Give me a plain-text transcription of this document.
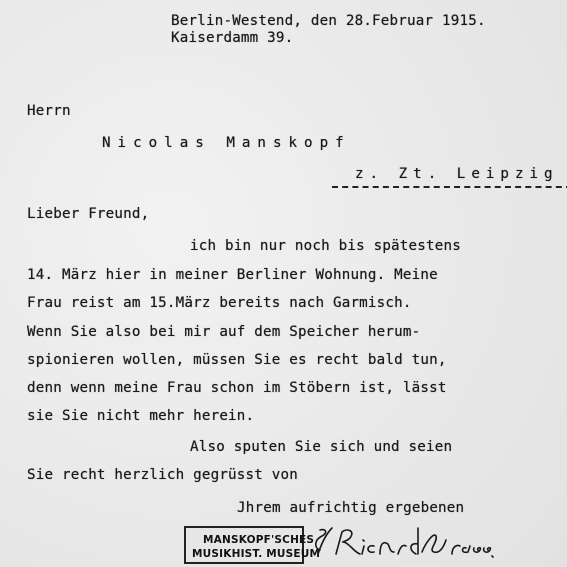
Berlin-Westend, den 28.Februar 1915.
Kaiserdamm 39.
Herrn
Nicolas Manskopf
z. Zt. Leipzig
Lieber Freund,
ich bin nur noch bis spätestens
14. März hier in meiner Berliner Wohnung. Meine
Frau reist am 15.März bereits nach Garmisch.
Wenn Sie also bei mir auf dem Speicher herum-
spionieren wollen, müssen Sie es recht bald tun,
denn wenn meine Frau schon im Stöbern ist, lässt
sie Sie nicht mehr herein.
Also sputen Sie sich und seien
Sie recht herzlich gegrüsst von
Jhrem aufrichtig ergebenen
MANSKOPF'SCHES
MUSIKHIST. MUSEUM
